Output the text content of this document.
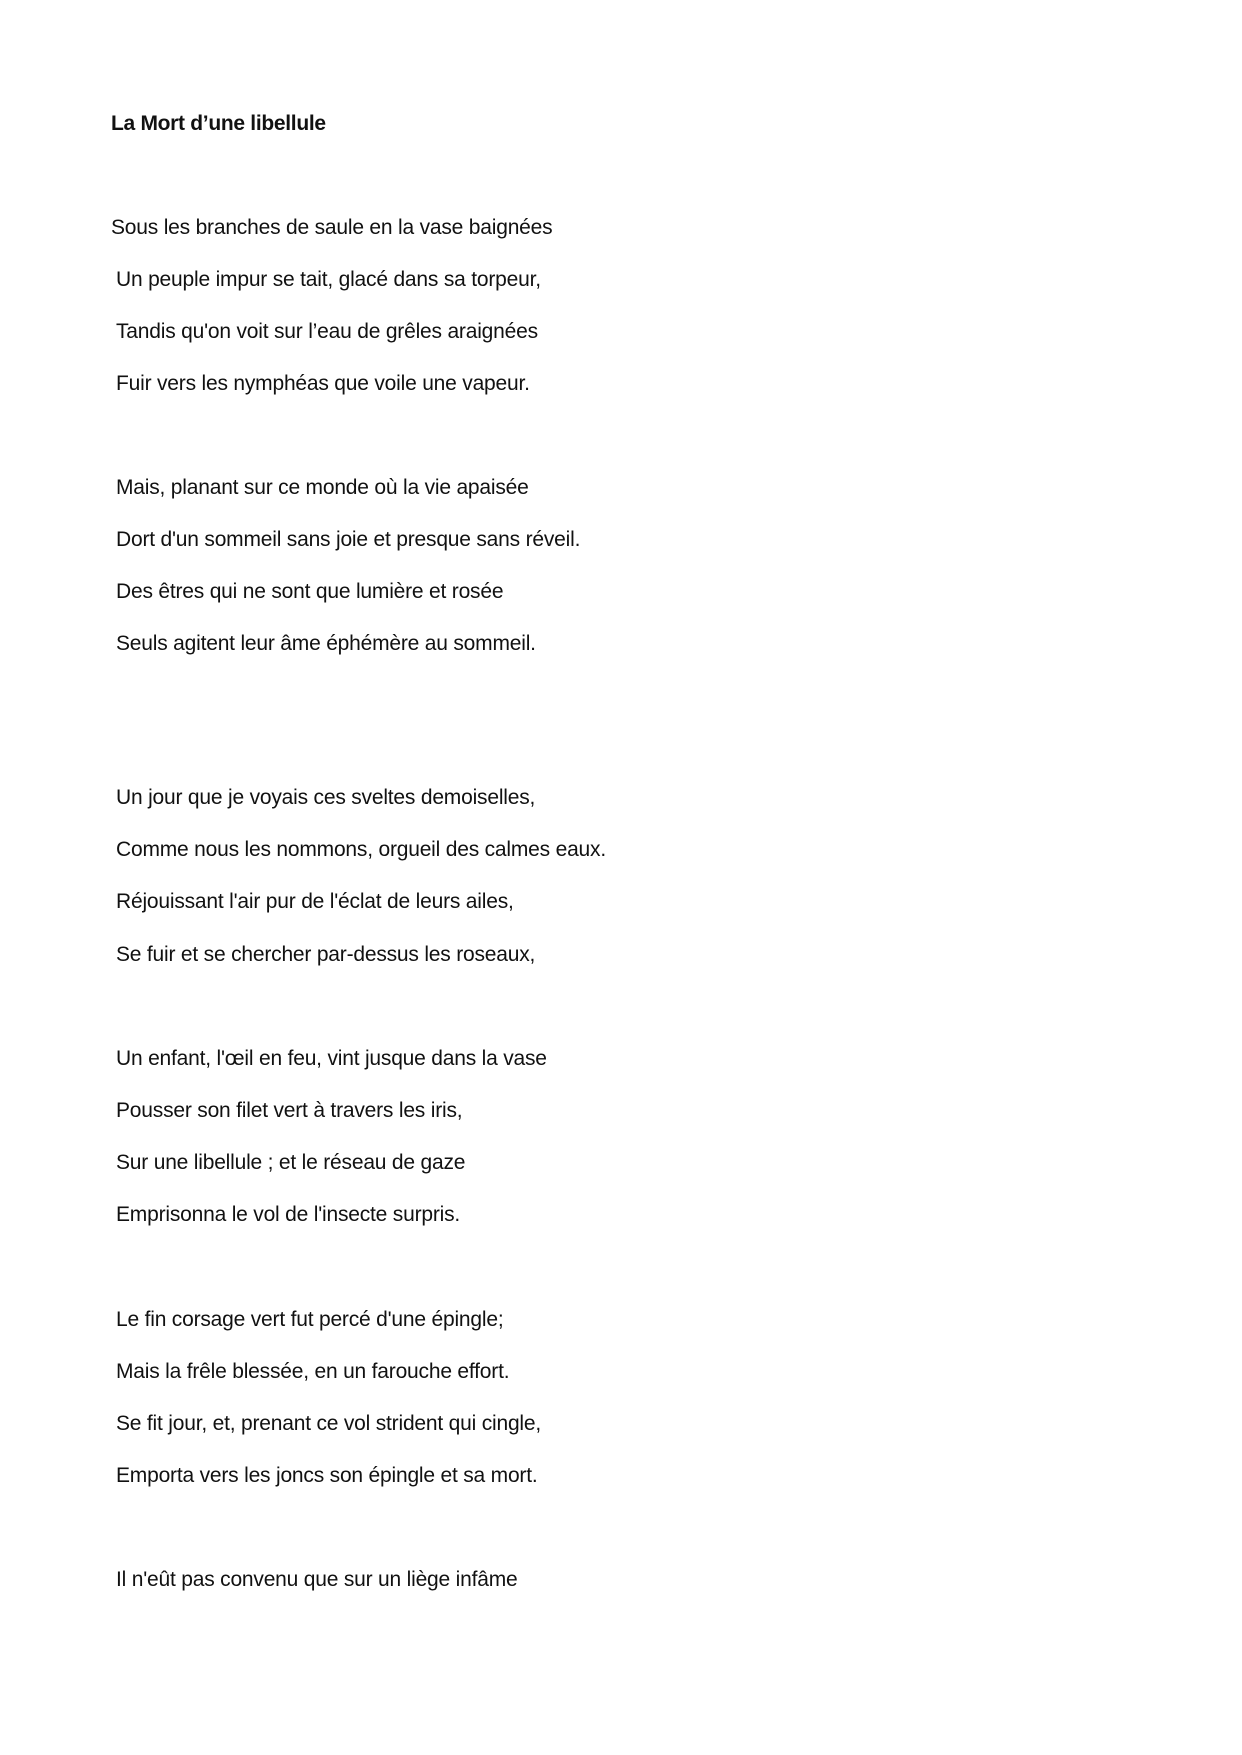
La Mort d’une libellule
Sous les branches de saule en la vase baignées
Un peuple impur se tait, glacé dans sa torpeur,
Tandis qu'on voit sur l’eau de grêles araignées
Fuir vers les nymphéas que voile une vapeur.
Mais, planant sur ce monde où la vie apaisée
Dort d'un sommeil sans joie et presque sans réveil.
Des êtres qui ne sont que lumière et rosée
Seuls agitent leur âme éphémère au sommeil.
Un jour que je voyais ces sveltes demoiselles,
Comme nous les nommons, orgueil des calmes eaux.
Réjouissant l'air pur de l'éclat de leurs ailes,
Se fuir et se chercher par-dessus les roseaux,
Un enfant, l'œil en feu, vint jusque dans la vase
Pousser son filet vert à travers les iris,
Sur une libellule ; et le réseau de gaze
Emprisonna le vol de l'insecte surpris.
Le fin corsage vert fut percé d'une épingle;
Mais la frêle blessée, en un farouche effort.
Se fit jour, et, prenant ce vol strident qui cingle,
Emporta vers les joncs son épingle et sa mort.
Il n'eût pas convenu que sur un liège infâme
